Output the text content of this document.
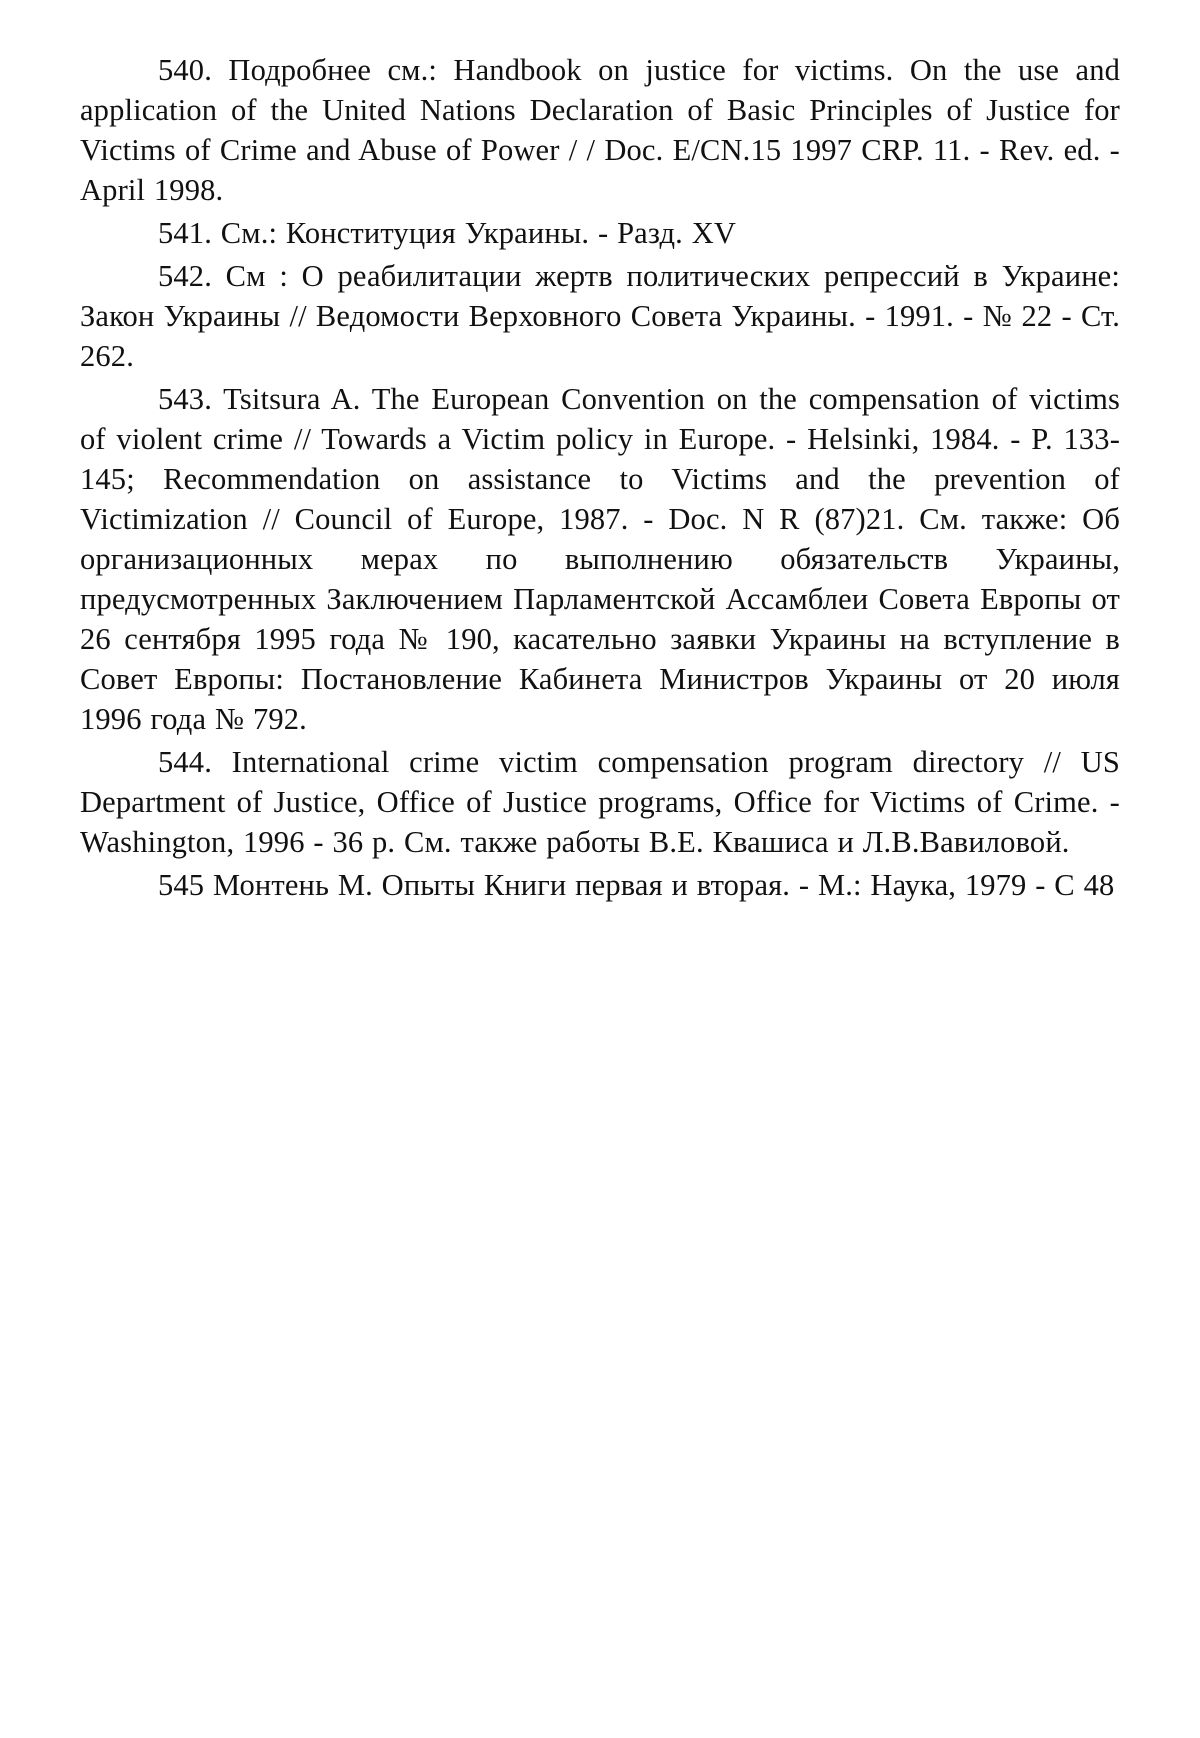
540. Подробнее см.: Handbook on justice for victims. On the use and application of the United Nations Declaration of Basic Principles of Justice for Victims of Crime and Abuse of Power / / Doc. E/CN.15 1997 CRP. 11. - Rev. ed. - April 1998.

541. См.: Конституция Украины. - Разд. XV

542. См : О реабилитации жертв политических репрессий в Украине: Закон Украины // Ведомости Верховного Совета Украины. - 1991. - № 22 - Ст. 262.

543. Tsitsura A. The European Convention on the compensation of victims of violent crime // Towards a Victim policy in Europe. - Helsinki, 1984. - P. 133-145; Recommendation on assistance to Victims and the prevention of Victimization // Council of Europe, 1987. - Doc. N R (87)21. См. также: Об организационных мерах по выполнению обязательств Украины, предусмотренных Заключением Парламентской Ассамблеи Совета Европы от 26 сентября 1995 года № 190, касательно заявки Украины на вступление в Совет Европы: Постановление Кабинета Министров Украины от 20 июля 1996 года № 792.

544. International crime victim compensation program directory // US Department of Justice, Office of Justice programs, Office for Victims of Crime. - Washington, 1996 - 36 p. См. также работы В.Е. Квашиса и Л.В.Вавиловой.

545 Монтень М. Опыты Книги первая и вторая. - М.: Наука, 1979 - С 48
